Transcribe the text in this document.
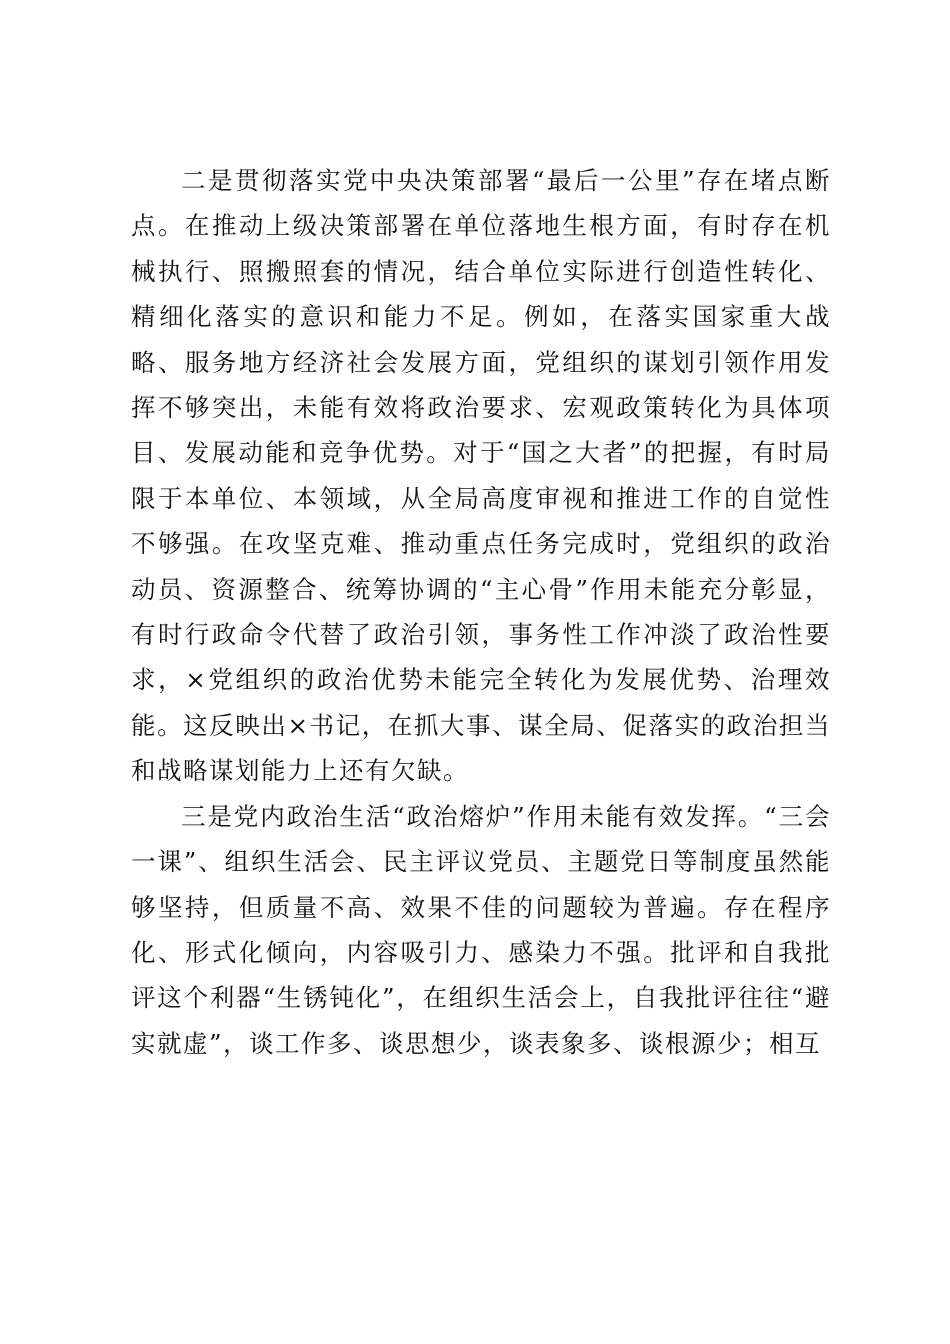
二是贯彻落实党中央决策部署“最后一公里”存在堵点断点。在推动上级决策部署在单位落地生根方面，有时存在机械执行、照搬照套的情况，结合单位实际进行创造性转化、精细化落实的意识和能力不足。例如，在落实国家重大战略、服务地方经济社会发展方面，党组织的谋划引领作用发挥不够突出，未能有效将政治要求、宏观政策转化为具体项目、发展动能和竞争优势。对于“国之大者”的把握，有时局限于本单位、本领域，从全局高度审视和推进工作的自觉性不够强。在攻坚克难、推动重点任务完成时，党组织的政治动员、资源整合、统筹协调的“主心骨”作用未能充分彰显，有时行政命令代替了政治引领，事务性工作冲淡了政治性要求，×党组织的政治优势未能完全转化为发展优势、治理效能。这反映出×书记，在抓大事、谋全局、促落实的政治担当和战略谋划能力上还有欠缺。

三是党内政治生活“政治熔炉”作用未能有效发挥。“三会一课”、组织生活会、民主评议党员、主题党日等制度虽然能够坚持，但质量不高、效果不佳的问题较为普遍。存在程序化、形式化倾向，内容吸引力、感染力不强。批评和自我批评这个利器“生锈钝化”，在组织生活会上，自我批评往往“避实就虚”，谈工作多、谈思想少，谈表象多、谈根源少；相互
